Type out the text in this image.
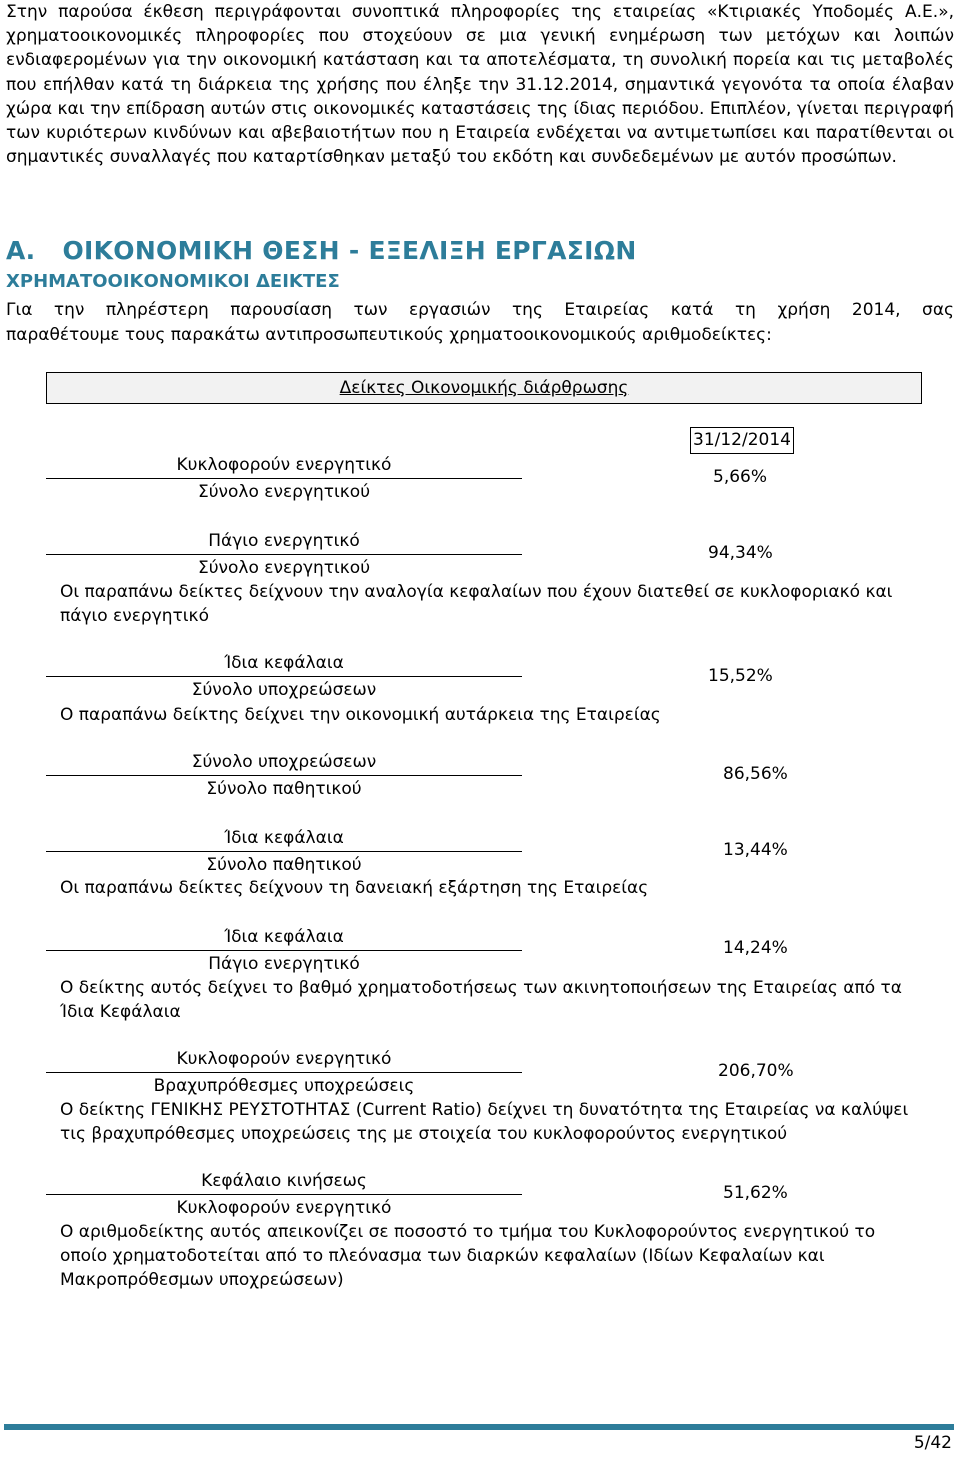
Στην παρούσα έκθεση περιγράφονται συνοπτικά πληροφορίες της εταιρείας «Κτιριακές Υποδομές Α.Ε.», χρηματοοικονομικές πληροφορίες που στοχεύουν σε μια γενική ενημέρωση των μετόχων και λοιπών ενδιαφερομένων για την οικονομική κατάσταση και τα αποτελέσματα, τη συνολική πορεία και τις μεταβολές που επήλθαν κατά τη διάρκεια της χρήσης που έληξε την 31.12.2014, σημαντικά γεγονότα τα οποία έλαβαν χώρα και την επίδραση αυτών στις οικονομικές καταστάσεις της ίδιας περιόδου. Επιπλέον, γίνεται περιγραφή των κυριότερων κινδύνων και αβεβαιοτήτων που η Εταιρεία ενδέχεται να αντιμετωπίσει και παρατίθενται οι σημαντικές συναλλαγές που καταρτίσθηκαν μεταξύ του εκδότη και συνδεδεμένων με αυτόν προσώπων.

Α.   ΟΙΚΟΝΟΜΙΚΗ ΘΕΣΗ - ΕΞΕΛΙΞΗ ΕΡΓΑΣΙΩΝ
ΧΡΗΜΑΤΟΟΙΚΟΝΟΜΙΚΟΙ ΔΕΙΚΤΕΣ

Για την πληρέστερη παρουσίαση των εργασιών της Εταιρείας κατά τη χρήση 2014, σας
παραθέτουμε τους παρακάτω αντιπροσωπευτικούς χρηματοοικονομικούς αριθμοδείκτες:

Δείκτες Οικονομικής διάρθρωσης
31/12/2014
Κυκλοφορούν ενεργητικό
Σύνολο ενεργητικού
5,66%
Πάγιο ενεργητικό
Σύνολο ενεργητικού
94,34%

Οι παραπάνω δείκτες δείχνουν την αναλογία κεφαλαίων που έχουν διατεθεί σε κυκλοφοριακό και πάγιο ενεργητικό

Ίδια κεφάλαια
Σύνολο υποχρεώσεων
15,52%

Ο παραπάνω δείκτης δείχνει την οικονομική αυτάρκεια της Εταιρείας

Σύνολο υποχρεώσεων
Σύνολο παθητικού
86,56%
Ίδια κεφάλαια
Σύνολο παθητικού
13,44%

Οι παραπάνω δείκτες δείχνουν τη δανειακή εξάρτηση της Εταιρείας

Ίδια κεφάλαια
Πάγιο ενεργητικό
14,24%

Ο δείκτης αυτός δείχνει το βαθμό χρηματοδοτήσεως των ακινητοποιήσεων της Εταιρείας από τα Ίδια Κεφάλαια

Κυκλοφορούν ενεργητικό
Βραχυπρόθεσμες υποχρεώσεις
206,70%

Ο δείκτης ΓΕΝΙΚΗΣ ΡΕΥΣΤΟΤΗΤΑΣ (Current Ratio) δείχνει τη δυνατότητα της Εταιρείας να καλύψει τις βραχυπρόθεσμες υποχρεώσεις της με στοιχεία του κυκλοφορούντος ενεργητικού

Κεφάλαιο κινήσεως
Κυκλοφορούν ενεργητικό
51,62%

Ο αριθμοδείκτης αυτός απεικονίζει σε ποσοστό το τμήμα του Κυκλοφορούντος ενεργητικού το οποίο χρηματοδοτείται από το πλεόνασμα των διαρκών κεφαλαίων (Ιδίων Κεφαλαίων και Μακροπρόθεσμων υποχρεώσεων)

5/42
